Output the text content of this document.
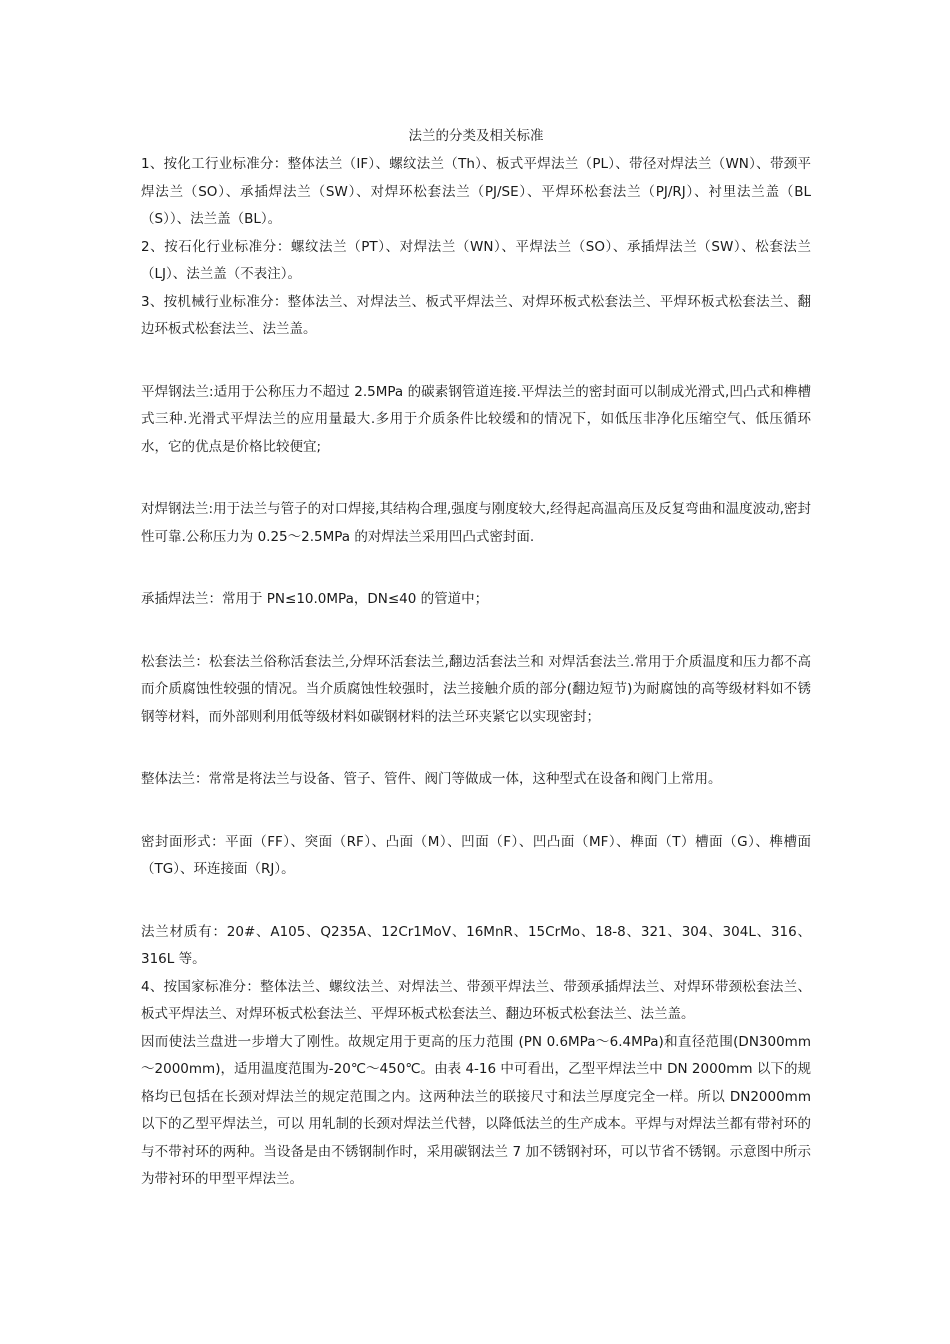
法兰的分类及相关标准

1、按化工行业标准分：整体法兰（IF）、螺纹法兰（Th）、板式平焊法兰（PL）、带径对焊法兰（WN）、带颈平焊法兰（SO）、承插焊法兰（SW）、对焊环松套法兰（PJ/SE）、平焊环松套法兰（PJ/RJ）、衬里法兰盖（BL（S））、法兰盖（BL）。

2、按石化行业标准分：螺纹法兰（PT）、对焊法兰（WN）、平焊法兰（SO）、承插焊法兰（SW）、松套法兰（LJ）、法兰盖（不表注）。

3、按机械行业标准分：整体法兰、对焊法兰、板式平焊法兰、对焊环板式松套法兰、平焊环板式松套法兰、翻边环板式松套法兰、法兰盖。

平焊钢法兰:适用于公称压力不超过 2.5MPa 的碳素钢管道连接.平焊法兰的密封面可以制成光滑式,凹凸式和榫槽式三种.光滑式平焊法兰的应用量最大.多用于介质条件比较缓和的情况下，如低压非净化压缩空气、低压循环水，它的优点是价格比较便宜;

对焊钢法兰:用于法兰与管子的对口焊接,其结构合理,强度与刚度较大,经得起高温高压及反复弯曲和温度波动,密封性可靠.公称压力为 0.25～2.5MPa 的对焊法兰采用凹凸式密封面.

承插焊法兰：常用于 PN≤10.0MPa，DN≤40 的管道中；

松套法兰：松套法兰俗称活套法兰,分焊环活套法兰,翻边活套法兰和 对焊活套法兰.常用于介质温度和压力都不高而介质腐蚀性较强的情况。当介质腐蚀性较强时，法兰接触介质的部分(翻边短节)为耐腐蚀的高等级材料如不锈钢等材料，而外部则利用低等级材料如碳钢材料的法兰环夹紧它以实现密封；

整体法兰：常常是将法兰与设备、管子、管件、阀门等做成一体，这种型式在设备和阀门上常用。

密封面形式：平面（FF）、突面（RF）、凸面（M）、凹面（F）、凹凸面（MF）、榫面（T）槽面（G）、榫槽面（TG）、环连接面（RJ）。

法兰材质有：20#、A105、Q235A、12Cr1MoV、16MnR、15CrMo、18-8、321、304、304L、316、316L 等。

4、按国家标准分：整体法兰、螺纹法兰、对焊法兰、带颈平焊法兰、带颈承插焊法兰、对焊环带颈松套法兰、板式平焊法兰、对焊环板式松套法兰、平焊环板式松套法兰、翻边环板式松套法兰、法兰盖。

因而使法兰盘进一步增大了刚性。故规定用于更高的压力范围 (PN 0.6MPa～6.4MPa)和直径范围(DN300mm～2000mm)，适用温度范围为-20℃～450℃。由表 4-16 中可看出，乙型平焊法兰中 DN 2000mm 以下的规格均已包括在长颈对焊法兰的规定范围之内。这两种法兰的联接尺寸和法兰厚度完全一样。所以 DN2000mm 以下的乙型平焊法兰，可以 用轧制的长颈对焊法兰代替，以降低法兰的生产成本。平焊与对焊法兰都有带衬环的与不带衬环的两种。当设备是由不锈钢制作时，采用碳钢法兰 7 加不锈钢衬环，可以节省不锈钢。示意图中所示为带衬环的甲型平焊法兰。
